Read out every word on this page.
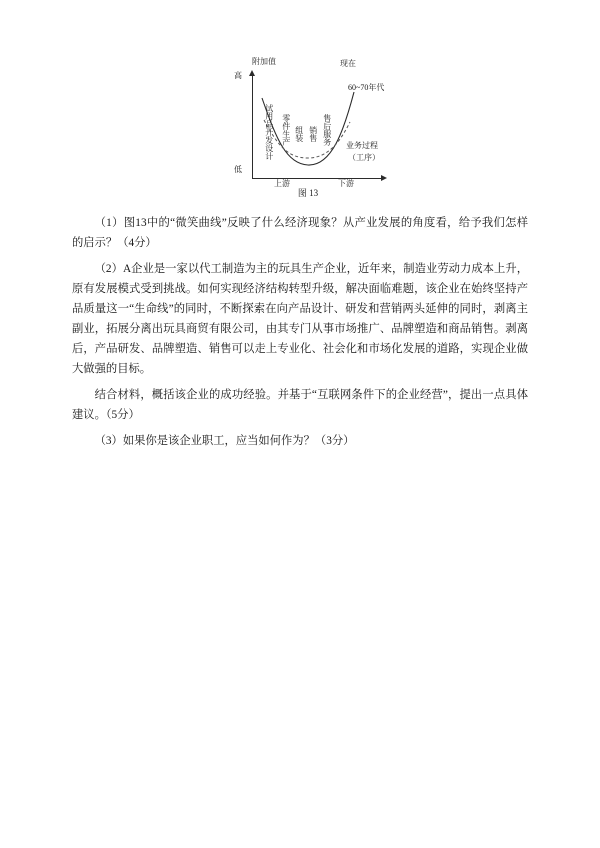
附加值
高
低
现在
60~70年代
上游	下游
业务过程
（工序）
试用品开发设计 零件生产 组装 销售 售后服务
图 13

（1）图13中的“微笑曲线”反映了什么经济现象？从产业发展的角度看，给予我们怎样的启示？（4分）

（2）A企业是一家以代工制造为主的玩具生产企业，近年来，制造业劳动力成本上升，原有发展模式受到挑战。如何实现经济结构转型升级，解决面临难题，该企业在始终坚持产品质量这一“生命线”的同时，不断探索在向产品设计、研发和营销两头延伸的同时，剥离主副业，拓展分离出玩具商贸有限公司，由其专门从事市场推广、品牌塑造和商品销售。剥离后，产品研发、品牌塑造、销售可以走上专业化、社会化和市场化发展的道路，实现企业做大做强的目标。

结合材料，概括该企业的成功经验。并基于“互联网条件下的企业经营”，提出一点具体建议。（5分）

（3）如果你是该企业职工，应当如何作为？（3分）
